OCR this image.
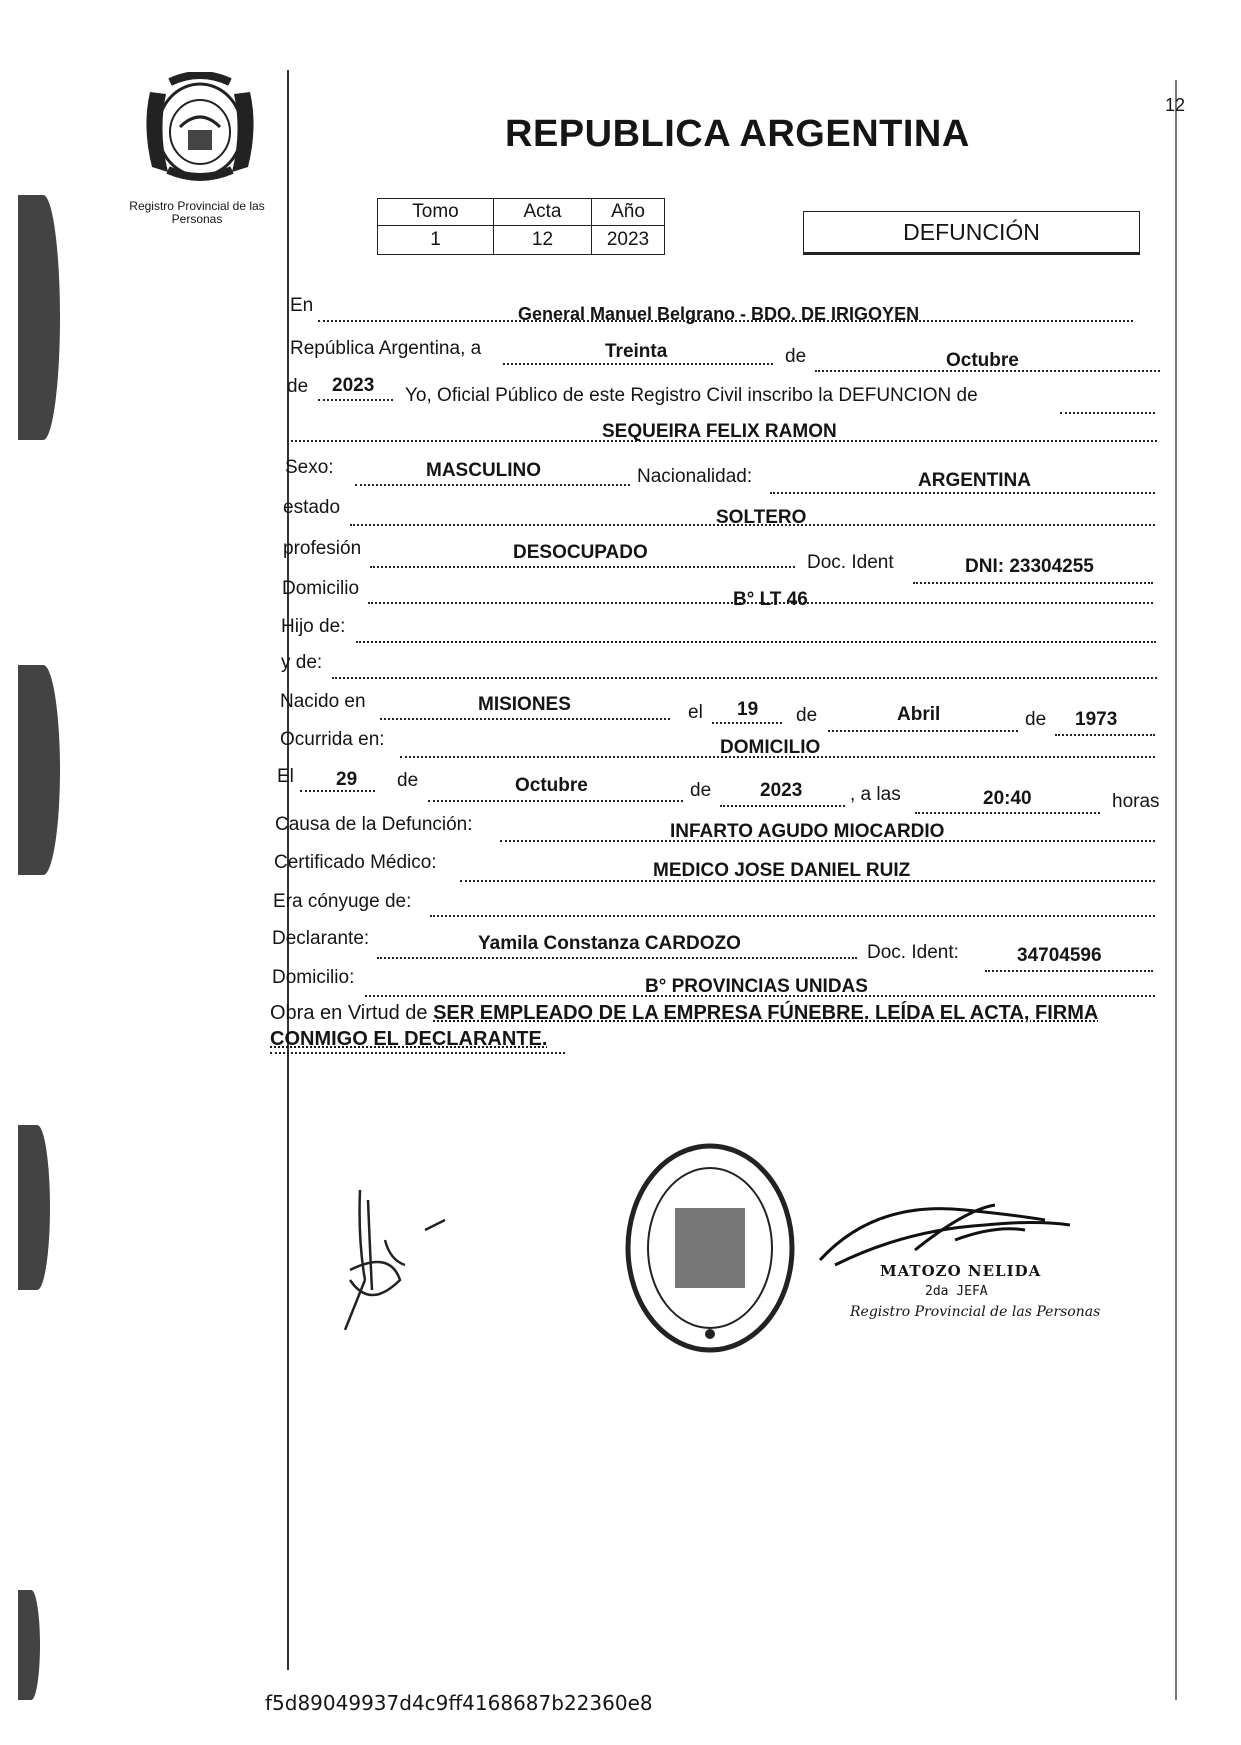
Registro Provincial de las Personas
REPUBLICA ARGENTINA
12
Tomo	Acta	Año
1	12	2023	DEFUNCIÓN
En	General Manuel Belgrano - BDO. DE IRIGOYEN
República Argentina, a	Treinta	de	Octubre
de 2023 Yo, Oficial Público de este Registro Civil inscribo la DEFUNCION de
SEQUEIRA FELIX RAMON
Sexo:	MASCULINO	Nacionalidad:	ARGENTINA
estado	SOLTERO
profesión	DESOCUPADO	Doc. Ident	DNI: 23304255
Domicilio
B° LT 46
Hijo de:
y de:
Nacido en	MISIONES	el 19 de	Abril	de 1973
Ocurrida en:	DOMICILIO
El 29 de	Octubre	de	2023	, a las	20:40	horas
Causa de la Defunción:	INFARTO AGUDO MIOCARDIO
Certificado Médico:	MEDICO JOSE DANIEL RUIZ
Era cónyuge de:
Declarante:	Yamila Constanza CARDOZO	Doc. Ident:	34704596
Domicilio:	B° PROVINCIAS UNIDAS
Obra en Virtud de SER EMPLEADO DE LA EMPRESA FÚNEBRE. LEÍDA EL ACTA, FIRMA
CONMIGO EL DECLARANTE.
MATOZO NELIDA
2da JEFA
Registro Provincial de las Personas
f5d89049937d4c9ff4168687b22360e8
